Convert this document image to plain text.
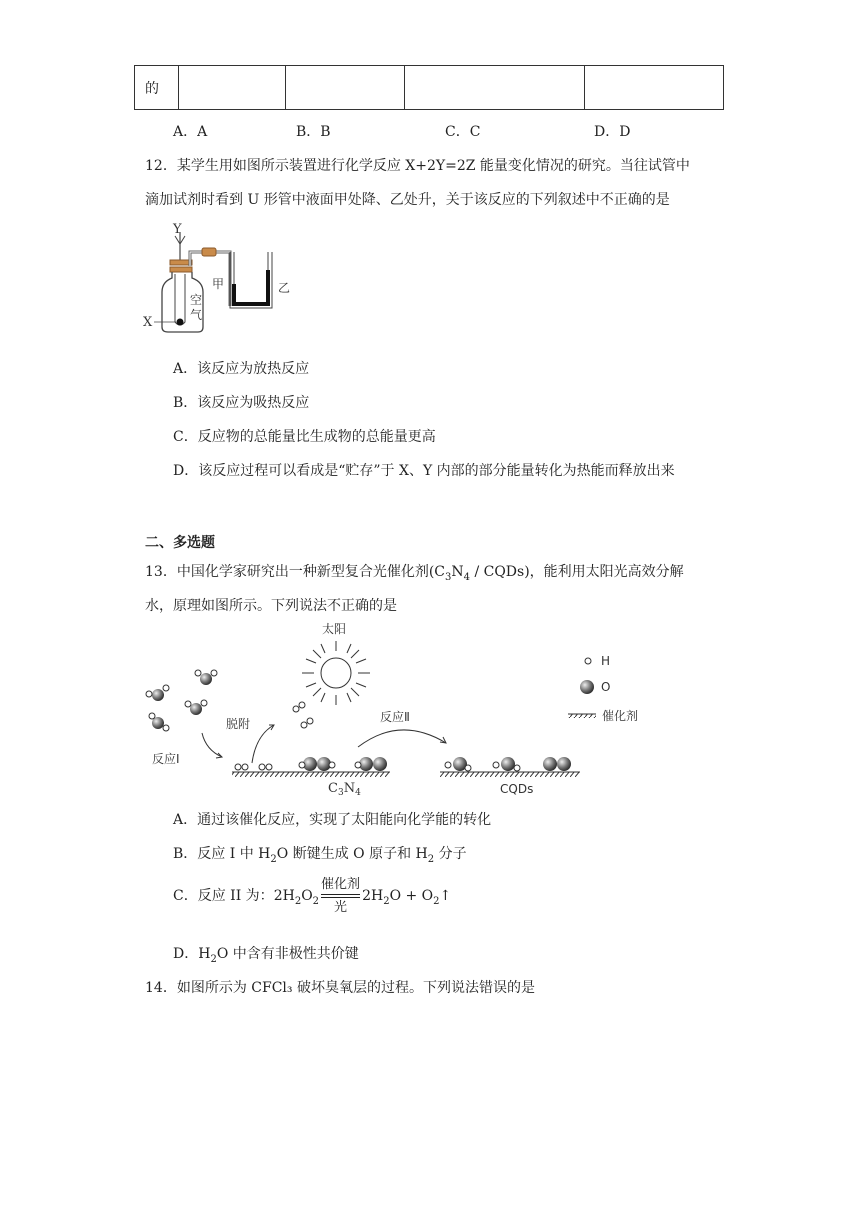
的				
A．A	B．B	C．C	D．D
12．某学生用如图所示装置进行化学反应 X+2Y=2Z 能量变化情况的研究。当往试管中
滴加试剂时看到 U 形管中液面甲处降、乙处升，关于该反应的下列叙述中不正确的是
Y
X
甲	乙
空
气
A．该反应为放热反应
B．该反应为吸热反应
C．反应物的总能量比生成物的总能量更高
D．该反应过程可以看成是“贮存”于 X、Y 内部的部分能量转化为热能而释放出来
二、多选题
13．中国化学家研究出一种新型复合光催化剂($C_3N_4$ / CQDs)，能利用太阳光高效分解
水，原理如图所示。下列说法不正确的是
太阳
脱附
反应Ⅰ
反应Ⅱ
$C_3N_4$	CQDs
H
O
催化剂
A．通过该催化反应，实现了太阳能向化学能的转化
B．反应 I 中 $H_2O$ 断键生成 O 原子和 $H_2$ 分子
C．反应 II 为：$2H_2O_2 \frac{\text{催化剂}}{\text{光}} 2H_2O$ + $O_2↑$
D．$H_2O$ 中含有非极性共价键
14．如图所示为 CFCl₃ 破坏臭氧层的过程。下列说法错误的是
